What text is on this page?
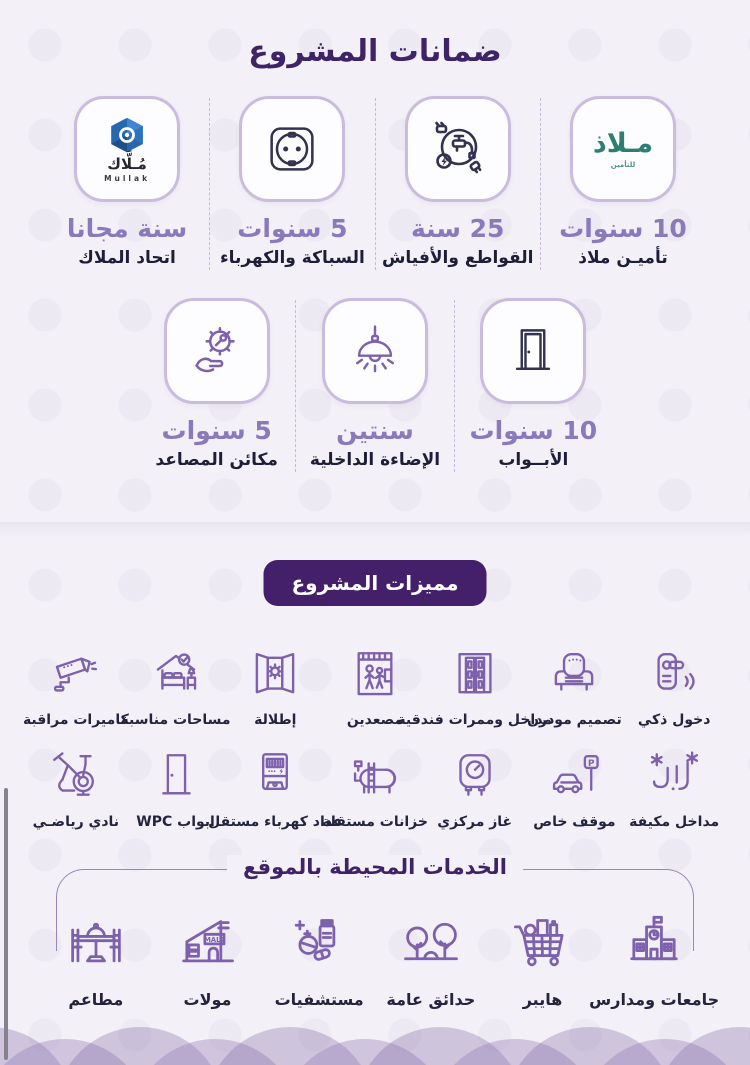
ضمانات المشروع
مـلاذ
للتأمين
10 سنوات
تأميـن ملاذ
25 سنة
القواطع والأفياش
5 سنوات
السباكة والكهرباء
مُـلَّاك
Mullak
سنة مجانا
اتحاد الملاك
10 سنوات
الأبــواب
سنتين
الإضاءة الداخلية
5 سنوات
مكائن المصاعد
مميزات المشروع
دخول ذكي
تصميم مودرن
مداخل وممرات فندقية
مصعدين
إطلالة
مساحات مناسبة
كاميرات مراقبة
مداخل مكيفة
P
موقف خاص
غاز مركزي
خزانات مستقلة
عداد كهرباء مستقل
ابواب WPC
نادي رياضـي
الخدمات المحيطة بالموقع
جامعات ومدارس
هايبر
حدائق عامة
مستشفيات
MALL
مولات
مطاعم
